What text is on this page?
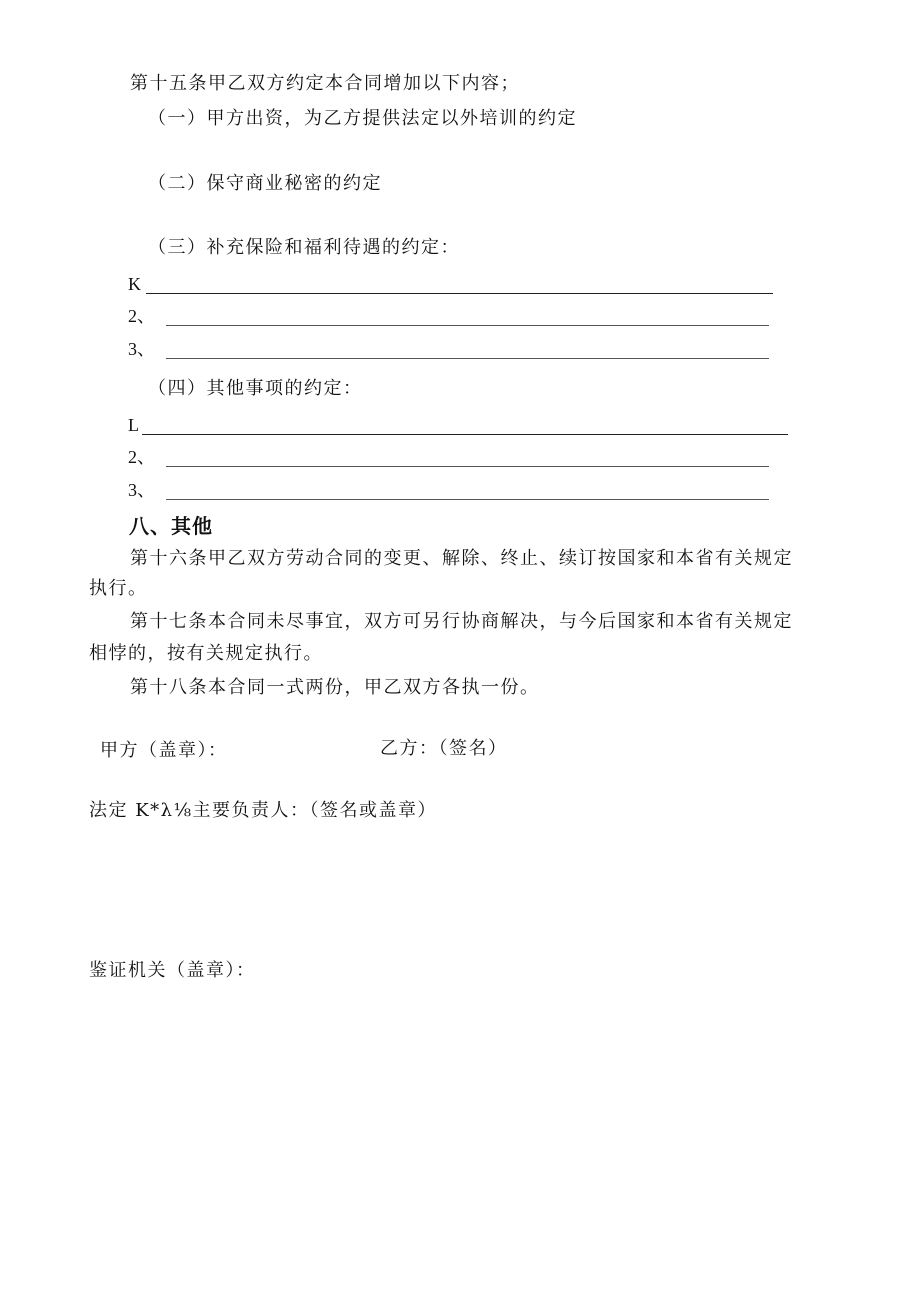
第十五条甲乙双方约定本合同增加以下内容；
（一）甲方出资，为乙方提供法定以外培训的约定
（二）保守商业秘密的约定
（三）补充保险和福利待遇的约定：
K
2、
3、
（四）其他事项的约定：
L
2、
3、
八、其他
第十六条甲乙双方劳动合同的变更、解除、终止、续订按国家和本省有关规定
执行。
第十七条本合同未尽事宜，双方可另行协商解决，与今后国家和本省有关规定
相悖的，按有关规定执行。
第十八条本合同一式两份，甲乙双方各执一份。
甲方（盖章）：	乙方：（签名）
法定 K*λ⅛主要负责人：（签名或盖章）
鉴证机关（盖章）：
